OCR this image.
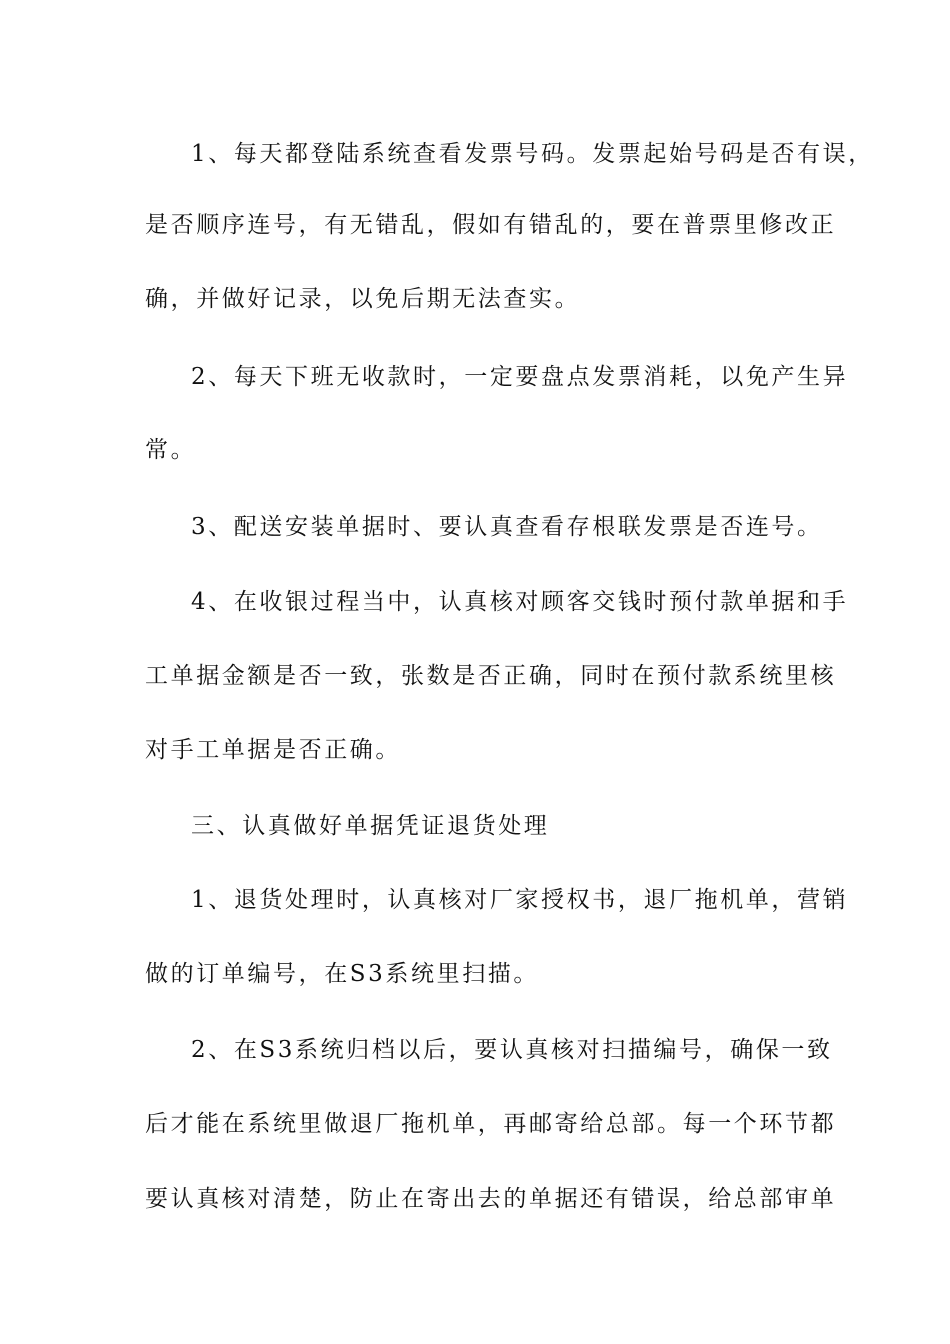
1、每天都登陆系统查看发票号码。发票起始号码是否有误，
是否顺序连号，有无错乱，假如有错乱的，要在普票里修改正
确，并做好记录，以免后期无法查实。
2、每天下班无收款时，一定要盘点发票消耗，以免产生异
常。
3、配送安装单据时、要认真查看存根联发票是否连号。
4、在收银过程当中，认真核对顾客交钱时预付款单据和手
工单据金额是否一致，张数是否正确，同时在预付款系统里核
对手工单据是否正确。
三、认真做好单据凭证退货处理
1、退货处理时，认真核对厂家授权书，退厂拖机单，营销
做的订单编号，在S3系统里扫描。
2、在S3系统归档以后，要认真核对扫描编号，确保一致
后才能在系统里做退厂拖机单，再邮寄给总部。每一个环节都
要认真核对清楚，防止在寄出去的单据还有错误，给总部审单
